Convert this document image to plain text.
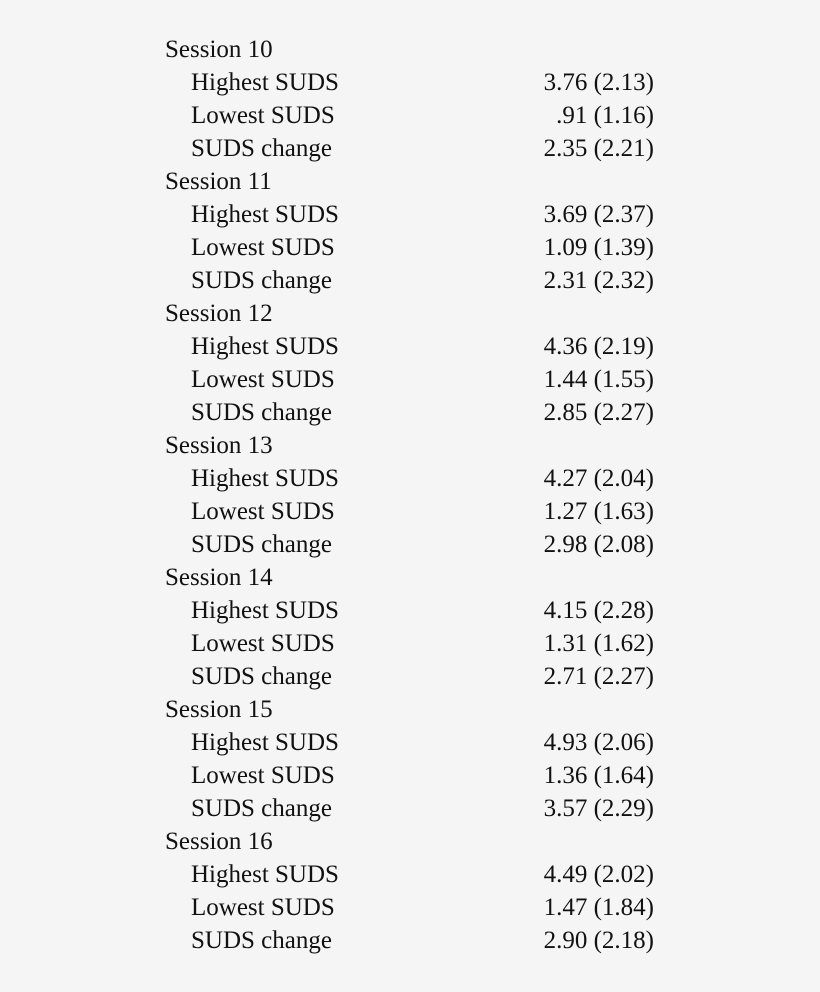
Session 10
Highest SUDS	3.76 (2.13)
Lowest SUDS	.91 (1.16)
SUDS change	2.35 (2.21)
Session 11
Highest SUDS	3.69 (2.37)
Lowest SUDS	1.09 (1.39)
SUDS change	2.31 (2.32)
Session 12
Highest SUDS	4.36 (2.19)
Lowest SUDS	1.44 (1.55)
SUDS change	2.85 (2.27)
Session 13
Highest SUDS	4.27 (2.04)
Lowest SUDS	1.27 (1.63)
SUDS change	2.98 (2.08)
Session 14
Highest SUDS	4.15 (2.28)
Lowest SUDS	1.31 (1.62)
SUDS change	2.71 (2.27)
Session 15
Highest SUDS	4.93 (2.06)
Lowest SUDS	1.36 (1.64)
SUDS change	3.57 (2.29)
Session 16
Highest SUDS	4.49 (2.02)
Lowest SUDS	1.47 (1.84)
SUDS change	2.90 (2.18)
